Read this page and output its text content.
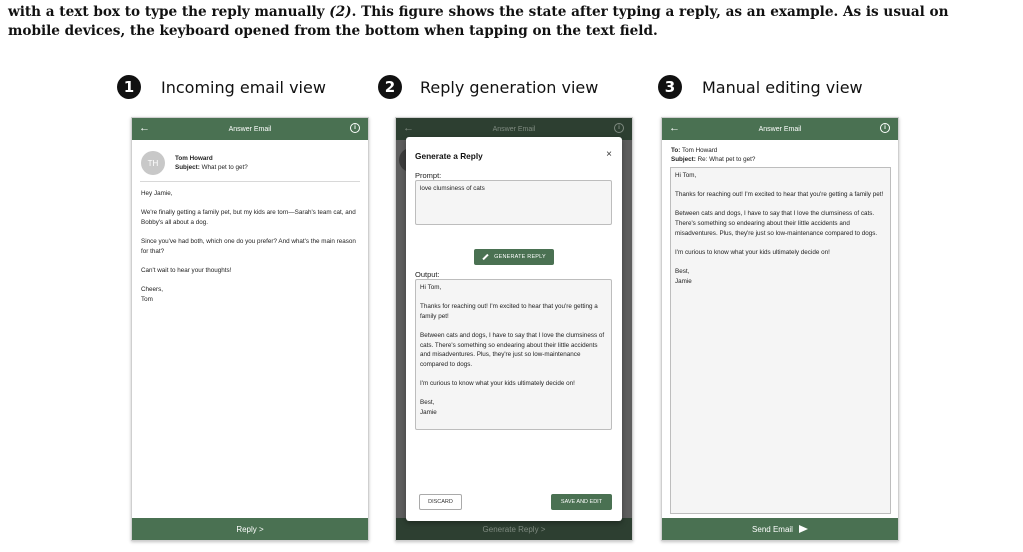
with a text box to type the reply manually (2). This figure shows the state after typing a reply, as an example. As is usual on
mobile devices, the keyboard opened from the bottom when tapping on the text field.
1	Incoming email view	2	Reply generation view	3	Manual editing view
←	Answer Email	i
TH	Tom Howard
Subject: What pet to get?

Hey Jamie,

We're finally getting a family pet, but my kids are torn—Sarah's team cat, and Bobby's all about a dog.

Since you've had both, which one do you prefer? And what's the main reason for that?

Can't wait to hear your thoughts!

Cheers,
Tom

Reply >
←	Answer Email	i
Generate Reply >
Generate a Reply	×
Prompt:
love clumsiness of cats
GENERATE REPLY
Output:

Hi Tom,

Thanks for reaching out! I'm excited to hear that you're getting a family pet!

Between cats and dogs, I have to say that I love the clumsiness of cats. There's something so endearing about their little accidents and misadventures. Plus, they're just so low-maintenance compared to dogs.

I'm curious to know what your kids ultimately decide on!

Best,
Jamie
DISCARD	SAVE AND EDIT
←	Answer Email	i
To: Tom Howard
Subject: Re: What pet to get?

Hi Tom,

Thanks for reaching out! I'm excited to hear that you're getting a family pet!

Between cats and dogs, I have to say that I love the clumsiness of cats. There's something so endearing about their little accidents and misadventures. Plus, they're just so low-maintenance compared to dogs.

I'm curious to know what your kids ultimately decide on!

Best,
Jamie
Send Email
